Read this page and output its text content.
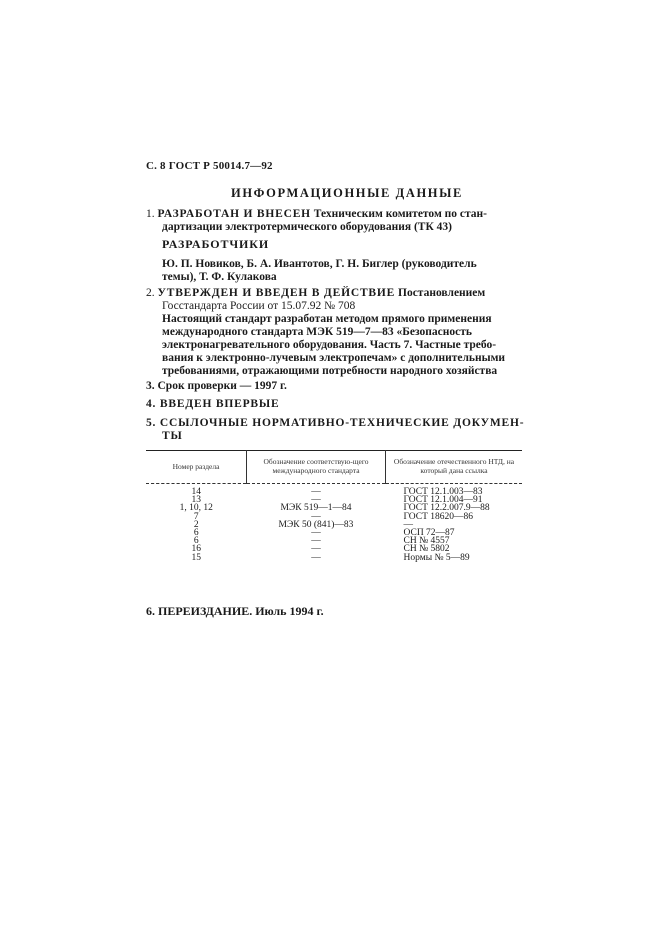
С. 8 ГОСТ Р 50014.7—92
ИНФОРМАЦИОННЫЕ ДАННЫЕ
1. РАЗРАБОТАН И ВНЕСЕН Техническим комитетом по стан-
дартизации электротермического оборудования (ТК 43)
РАЗРАБОТЧИКИ
Ю. П. Новиков, Б. А. Ивантотов, Г. Н. Биглер (руководитель
темы), Т. Ф. Кулакова
2. УТВЕРЖДЕН И ВВЕДЕН В ДЕЙСТВИЕ Постановлением
Госстандарта России от 15.07.92 № 708
Настоящий стандарт разработан методом прямого применения
международного стандарта МЭК 519—7—83 «Безопасность
электронагревательного оборудования. Часть 7. Частные требо-
вания к электронно-лучевым электропечам» с дополнительными
требованиями, отражающими потребности народного хозяйства
3. Срок проверки — 1997 г.
4. ВВЕДЕН ВПЕРВЫЕ
5. ССЫЛОЧНЫЕ НОРМАТИВНО-ТЕХНИЧЕСКИЕ ДОКУМЕН-
ТЫ
Номер раздела	Обозначение соответствую-щего международного стандарта	Обозначение отечественного НТД, на который дана ссылка
14	—	ГОСТ 12.1.003—83
13	—	ГОСТ 12.1.004—91
1, 10, 12	МЭК 519—1—84	ГОСТ 12.2.007.9—88
7	—	ГОСТ 18620—86
2	МЭК 50 (841)—83	—
6	—	ОСП 72—87
6	—	СН № 4557
16	—	СН № 5802
15	—	Нормы № 5—89
6. ПЕРЕИЗДАНИЕ. Июль 1994 г.
